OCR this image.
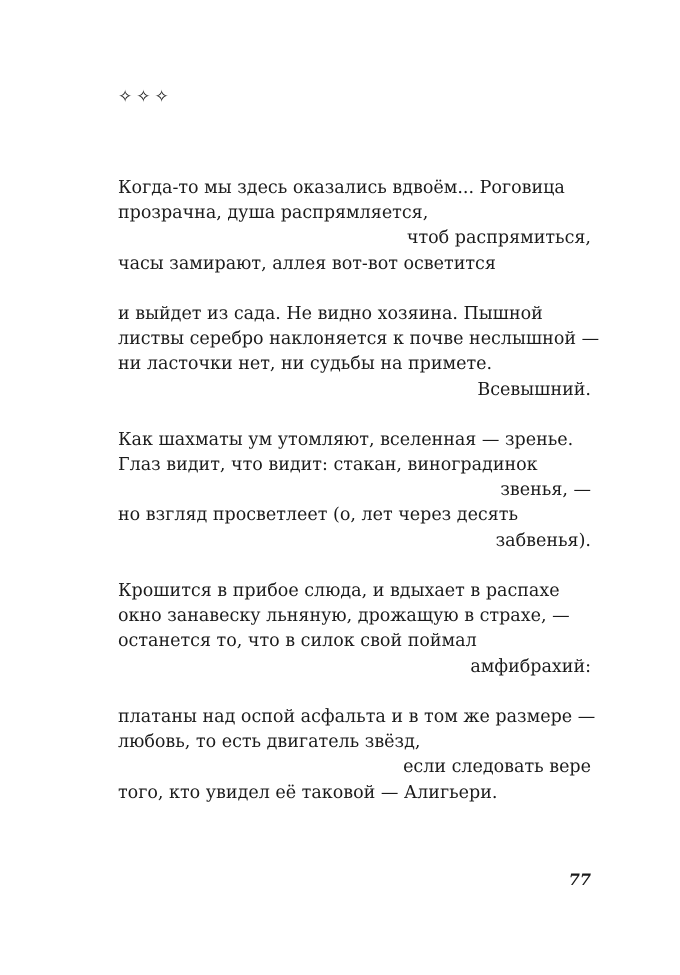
✧✧✧
Когда-то мы здесь оказались вдвоём... Роговица
прозрачна, душа распрямляется,
чтоб распрямиться,
часы замирают, аллея вот-вот осветится
и выйдет из сада. Не видно хозяина. Пышной
листвы серебро наклоняется к почве неслышной —
ни ласточки нет, ни судьбы на примете.
Всевышний.
Как шахматы ум утомляют, вселенная — зренье.
Глаз видит, что видит: стакан, виноградинок
звенья, —
но взгляд просветлеет (о, лет через десять
забвенья).
Крошится в прибое слюда, и вдыхает в распахе
окно занавеску льняную, дрожащую в страхе, —
останется то, что в силок свой поймал
амфибрахий:
платаны над оспой асфальта и в том же размере —
любовь, то есть двигатель звёзд,
если следовать вере
того, кто увидел её таковой — Алигьери.
77
